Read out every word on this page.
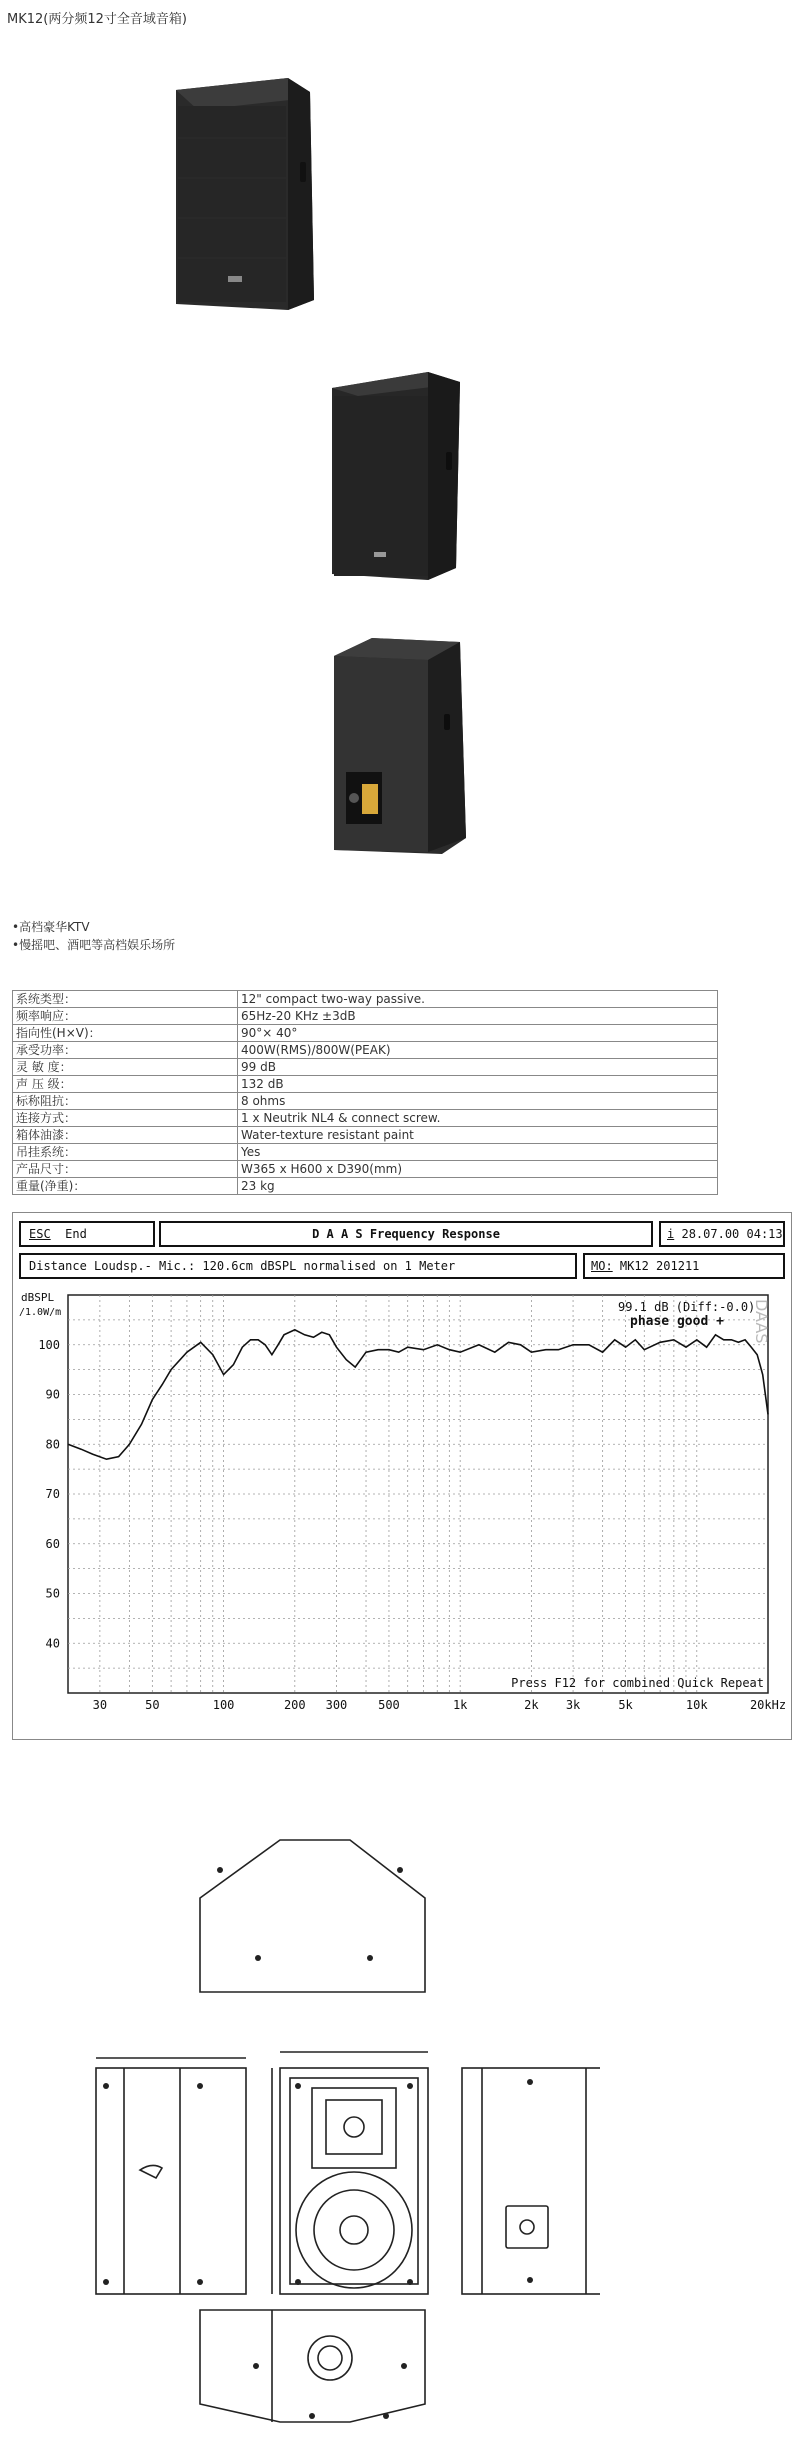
MK12(两分频12寸全音域音箱)
•高档豪华KTV
•慢摇吧、酒吧等高档娱乐场所
系统类型：	12" compact two-way passive.
频率响应：	65Hz-20 KHz ±3dB
指向性(H×V)：	90°× 40°
承受功率：	400W(RMS)/800W(PEAK)
灵 敏 度：	99 dB
声 压 级：	132 dB
标称阻抗：	8 ohms
连接方式：	1 x Neutrik NL4 & connect screw.
箱体油漆：	Water-texture resistant paint
吊挂系统：	Yes
产品尺寸：	W365 x H600 x D390(mm)
重量(净重)：	23 kg
ESC End	D A A S Frequency Response	i 28.07.00 04:13
Distance Loudsp.- Mic.: 120.6cm dBSPL normalised on 1 Meter	MO: MK12 201211
40
50
60
70
80
90
100
30	50	100	200 300	500	1k	2k 3k	5k	10k	20kHz
dBSPL
/1.0W/m	99.1 dB (Diff:-0.0)
phase good + DAAS
Press F12 for combined Quick Repeat
